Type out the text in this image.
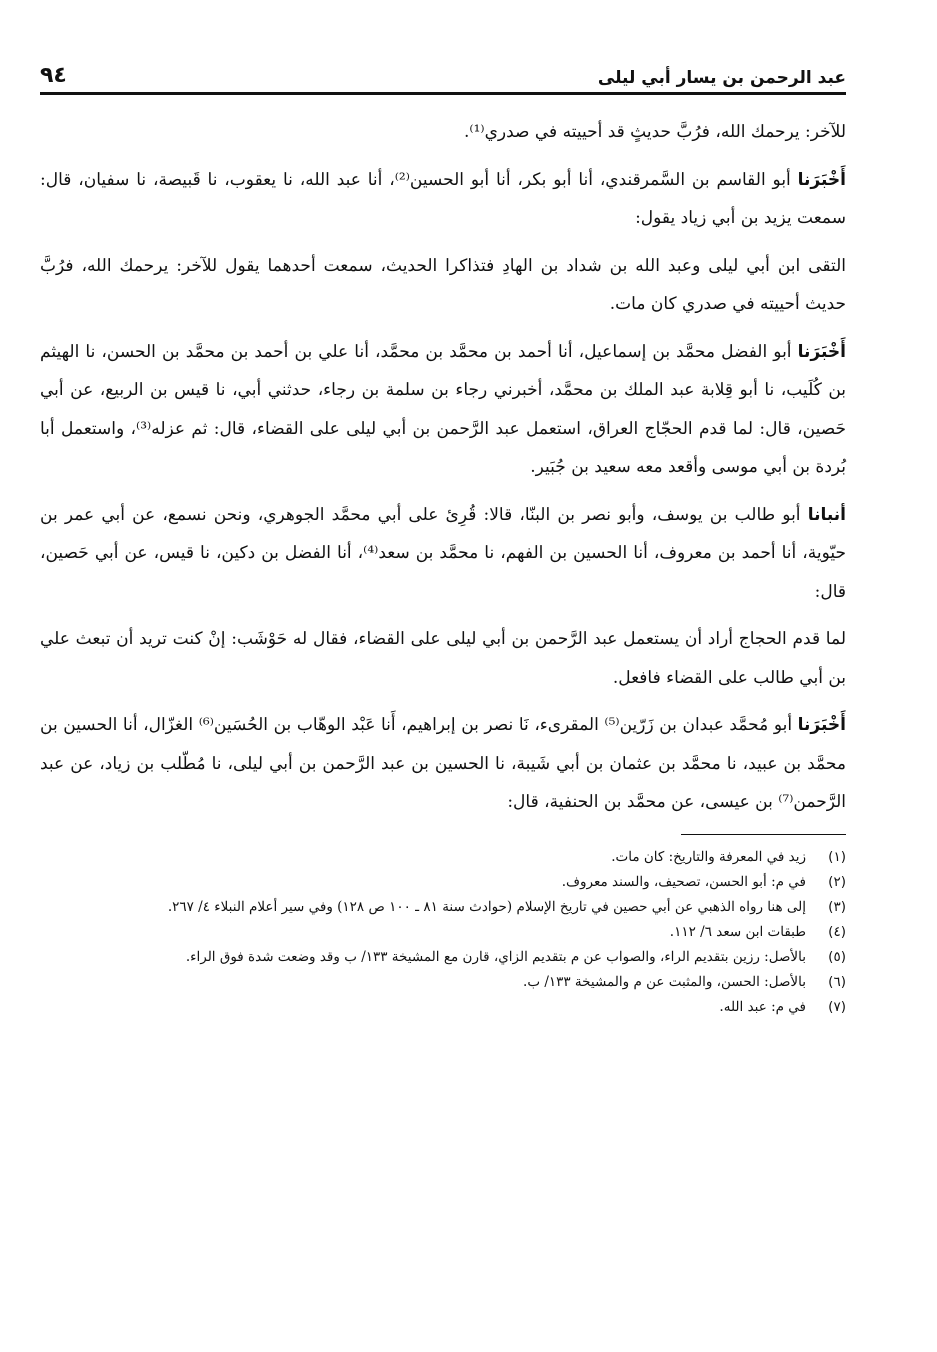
عبد الرحمن بن يسار أبي ليلى
٩٤

للآخر: يرحمك الله، فرُبَّ حديثٍ قد أحييته في صدري⁽¹⁾.

أَخْبَرَنا أبو القاسم بن السَّمرقندي، أنا أبو بكر، أنا أبو الحسين⁽²⁾، أنا عبد الله، نا يعقوب، نا قَبيصة، نا سفيان، قال: سمعت يزيد بن أبي زياد يقول:

التقى ابن أبي ليلى وعبد الله بن شداد بن الهادِ فتذاكرا الحديث، سمعت أحدهما يقول للآخر: يرحمك الله، فرُبَّ حديث أحييته في صدري كان مات.

أَخْبَرَنا أبو الفضل محمَّد بن إسماعيل، أنا أحمد بن محمَّد بن محمَّد، أنا علي بن أحمد بن محمَّد بن الحسن، نا الهيثم بن كُلَيب، نا أبو قِلابة عبد الملك بن محمَّد، أخبرني رجاء بن سلمة بن رجاء، حدثني أبي، نا قيس بن الربيع، عن أبي حَصين، قال: لما قدم الحجّاج العراق، استعمل عبد الرَّحمن بن أبي ليلى على القضاء، قال: ثم عزله⁽³⁾، واستعمل أبا بُردة بن أبي موسى وأقعد معه سعيد بن جُبَير.

أنبانا أبو طالب بن يوسف، وأبو نصر بن البنّا، قالا: قُرِئ على أبي محمَّد الجوهري، ونحن نسمع، عن أبي عمر بن حيّوية، أنا أحمد بن معروف، أنا الحسين بن الفهم، نا محمَّد بن سعد⁽⁴⁾، أنا الفضل بن دكين، نا قيس، عن أبي حَصين، قال:

لما قدم الحجاج أراد أن يستعمل عبد الرَّحمن بن أبي ليلى على القضاء، فقال له حَوْشَب: إنْ كنت تريد أن تبعث علي بن أبي طالب على القضاء فافعل.

أَخْبَرَنا أبو مُحمَّد عبدان بن زَرّين⁽⁵⁾ المقرىء، نَا نصر بن إبراهيم، أَنا عَبْد الوهّاب بن الحُسَين⁽⁶⁾ الغزّال، أنا الحسين بن محمَّد بن عبيد، نا محمَّد بن عثمان بن أبي شَيبة، نا الحسين بن عبد الرَّحمن بن أبي ليلى، نا مُطّلب بن زياد، عن عبد الرَّحمن⁽⁷⁾ بن عيسى، عن محمَّد بن الحنفية، قال:

(١)
زيد في المعرفة والتاريخ: كان مات.
(٢)
في م: أبو الحسن، تصحيف، والسند معروف.
(٣)
إلى هنا رواه الذهبي عن أبي حصين في تاريخ الإسلام (حوادث سنة ٨١ ـ ١٠٠ ص ١٢٨) وفي سير أعلام النبلاء ٤/ ٢٦٧.
(٤)
طبقات ابن سعد ٦/ ١١٢.
(٥)
بالأصل: رزين بتقديم الراء، والصواب عن م بتقديم الزاي، قارن مع المشيخة ١٣٣/ ب وقد وضعت شدة فوق الراء.
(٦)
بالأصل: الحسن، والمثبت عن م والمشيخة ١٣٣/ ب.
(٧)
في م: عبد الله.
